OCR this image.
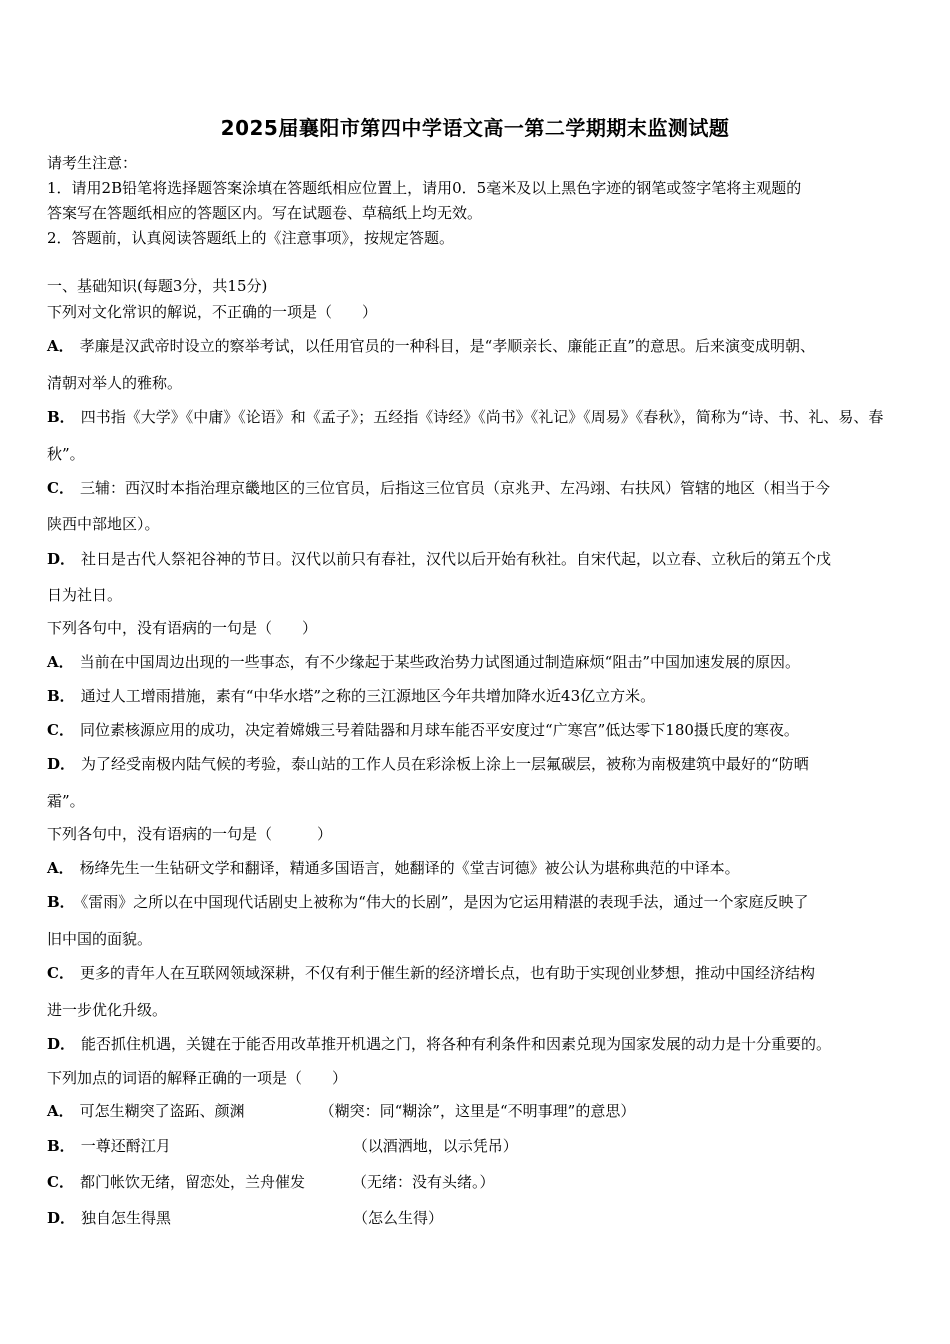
2025届襄阳市第四中学语文高一第二学期期末监测试题
请考生注意：
1．请用2B铅笔将选择题答案涂填在答题纸相应位置上，请用0．5毫米及以上黑色字迹的钢笔或签字笔将主观题的
答案写在答题纸相应的答题区内。写在试题卷、草稿纸上均无效。
2．答题前，认真阅读答题纸上的《注意事项》，按规定答题。
一、基础知识(每题3分，共15分)
下列对文化常识的解说，不正确的一项是（　　）
A． 孝廉是汉武帝时设立的察举考试，以任用官员的一种科目，是“孝顺亲长、廉能正直”的意思。后来演变成明朝、
清朝对举人的雅称。
B． 四书指《大学》《中庸》《论语》和《孟子》；五经指《诗经》《尚书》《礼记》《周易》《春秋》，简称为“诗、书、礼、易、春
秋”。
C． 三辅：西汉时本指治理京畿地区的三位官员，后指这三位官员（京兆尹、左冯翊、右扶风）管辖的地区（相当于今
陕西中部地区）。
D． 社日是古代人祭祀谷神的节日。汉代以前只有春社，汉代以后开始有秋社。自宋代起，以立春、立秋后的第五个戊
日为社日。
下列各句中，没有语病的一句是（　　）
A． 当前在中国周边出现的一些事态，有不少缘起于某些政治势力试图通过制造麻烦“阻击”中国加速发展的原因。
B． 通过人工增雨措施，素有“中华水塔”之称的三江源地区今年共增加降水近43亿立方米。
C． 同位素核源应用的成功，决定着嫦娥三号着陆器和月球车能否平安度过“广寒宫”低达零下180摄氏度的寒夜。
D． 为了经受南极内陆气候的考验，泰山站的工作人员在彩涂板上涂上一层氟碳层，被称为南极建筑中最好的“防晒
霜”。
下列各句中，没有语病的一句是（　　　）
A． 杨绛先生一生钻研文学和翻译，精通多国语言，她翻译的《堂吉诃德》被公认为堪称典范的中译本。
B． 《雷雨》之所以在中国现代话剧史上被称为“伟大的长剧”，是因为它运用精湛的表现手法，通过一个家庭反映了
旧中国的面貌。
C． 更多的青年人在互联网领域深耕，不仅有利于催生新的经济增长点，也有助于实现创业梦想，推动中国经济结构
进一步优化升级。
D． 能否抓住机遇，关键在于能否用改革推开机遇之门，将各种有利条件和因素兑现为国家发展的动力是十分重要的。
下列加点的词语的解释正确的一项是（　　）
A． 可怎生糊突了盗跖、颜渊	（糊突：同“糊涂”，这里是“不明事理”的意思）
B． 一尊还酹江月	（以酒洒地，以示凭吊）
C． 都门帐饮无绪，留恋处，兰舟催发	（无绪：没有头绪。）
D． 独自怎生得黑	（怎么生得）
